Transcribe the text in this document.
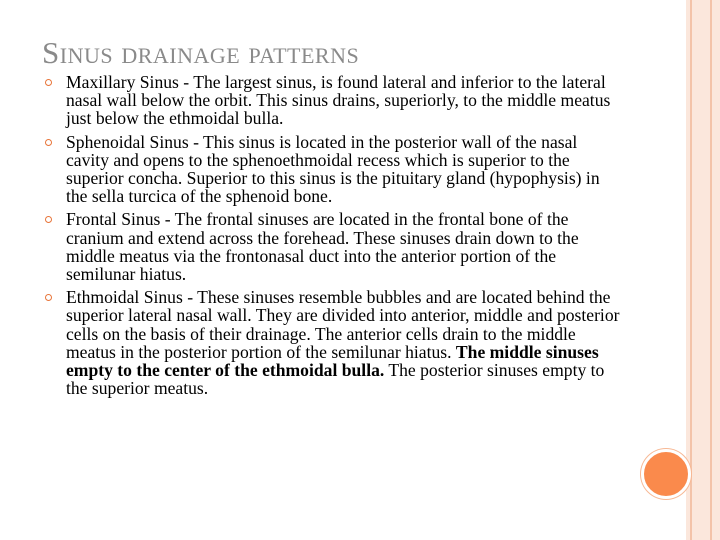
Sinus drainage patterns
Maxillary Sinus - The largest sinus, is found lateral and inferior to the lateral nasal wall below the orbit. This sinus drains, superiorly, to the middle meatus just below the ethmoidal bulla.
Sphenoidal Sinus - This sinus is located in the posterior wall of the nasal cavity and opens to the sphenoethmoidal recess which is superior to the superior concha. Superior to this sinus is the pituitary gland (hypophysis) in the sella turcica of the sphenoid bone.
Frontal Sinus - The frontal sinuses are located in the frontal bone of the cranium and extend across the forehead. These sinuses drain down to the middle meatus via the frontonasal duct into the anterior portion of the semilunar hiatus.
Ethmoidal Sinus - These sinuses resemble bubbles and are located behind the superior lateral nasal wall. They are divided into anterior, middle and posterior cells on the basis of their drainage. The anterior cells drain to the middle meatus in the posterior portion of the semilunar hiatus. The middle sinuses empty to the center of the ethmoidal bulla. The posterior sinuses empty to the superior meatus.
